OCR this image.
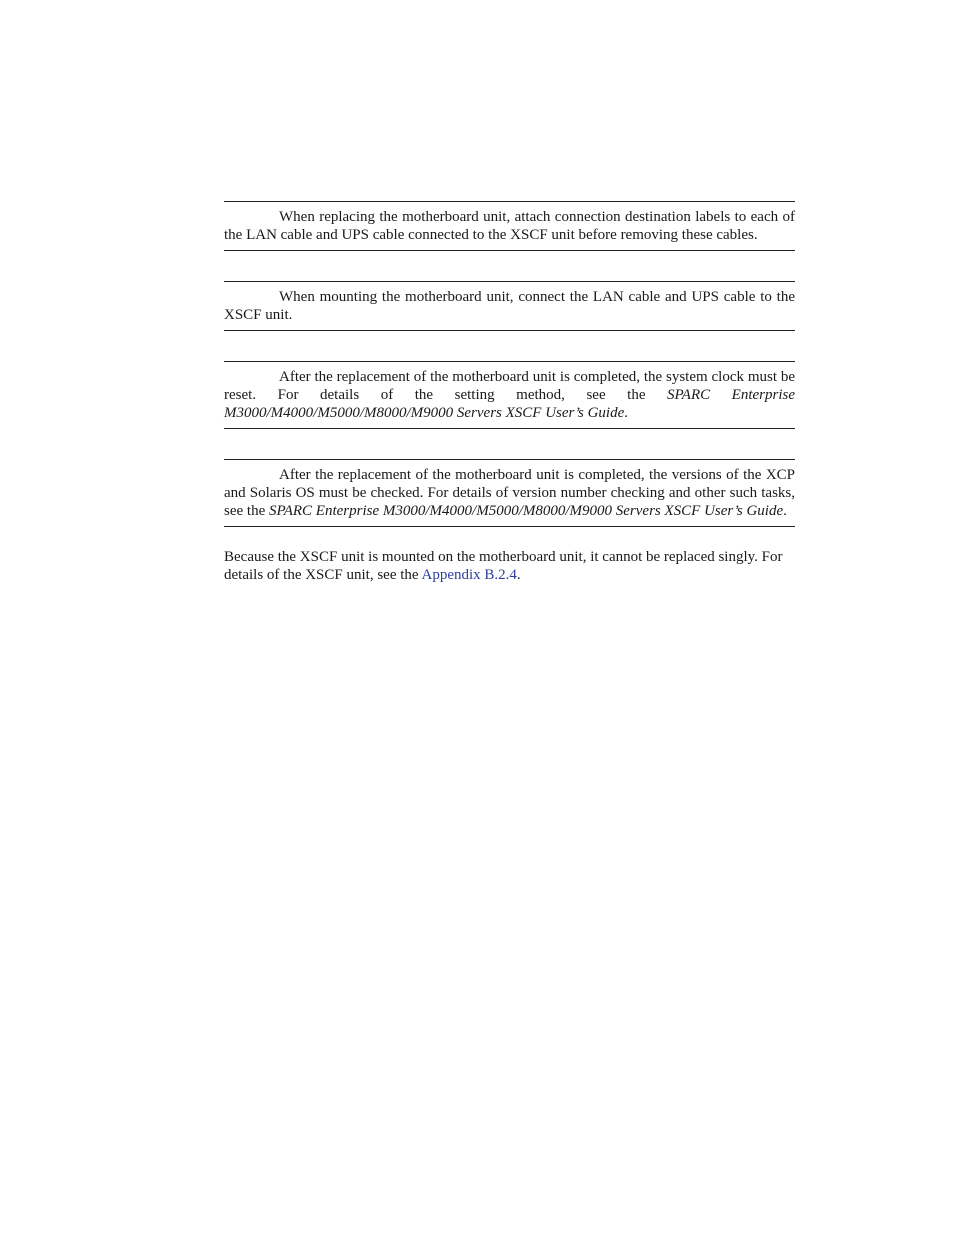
When replacing the motherboard unit, attach connection destination labels to each of the LAN cable and UPS cable connected to the XSCF unit before removing these cables.

When mounting the motherboard unit, connect the LAN cable and UPS cable to the XSCF unit.

After the replacement of the motherboard unit is completed, the system clock must be reset. For details of the setting method, see the SPARC Enterprise M3000/M4000/M5000/M8000/M9000 Servers XSCF User’s Guide.

After the replacement of the motherboard unit is completed, the versions of the XCP and Solaris OS must be checked. For details of version number checking and other such tasks, see the SPARC Enterprise M3000/M4000/M5000/M8000/M9000 Servers XSCF User’s Guide.

Because the XSCF unit is mounted on the motherboard unit, it cannot be replaced singly. For details of the XSCF unit, see the Appendix B.2.4.
